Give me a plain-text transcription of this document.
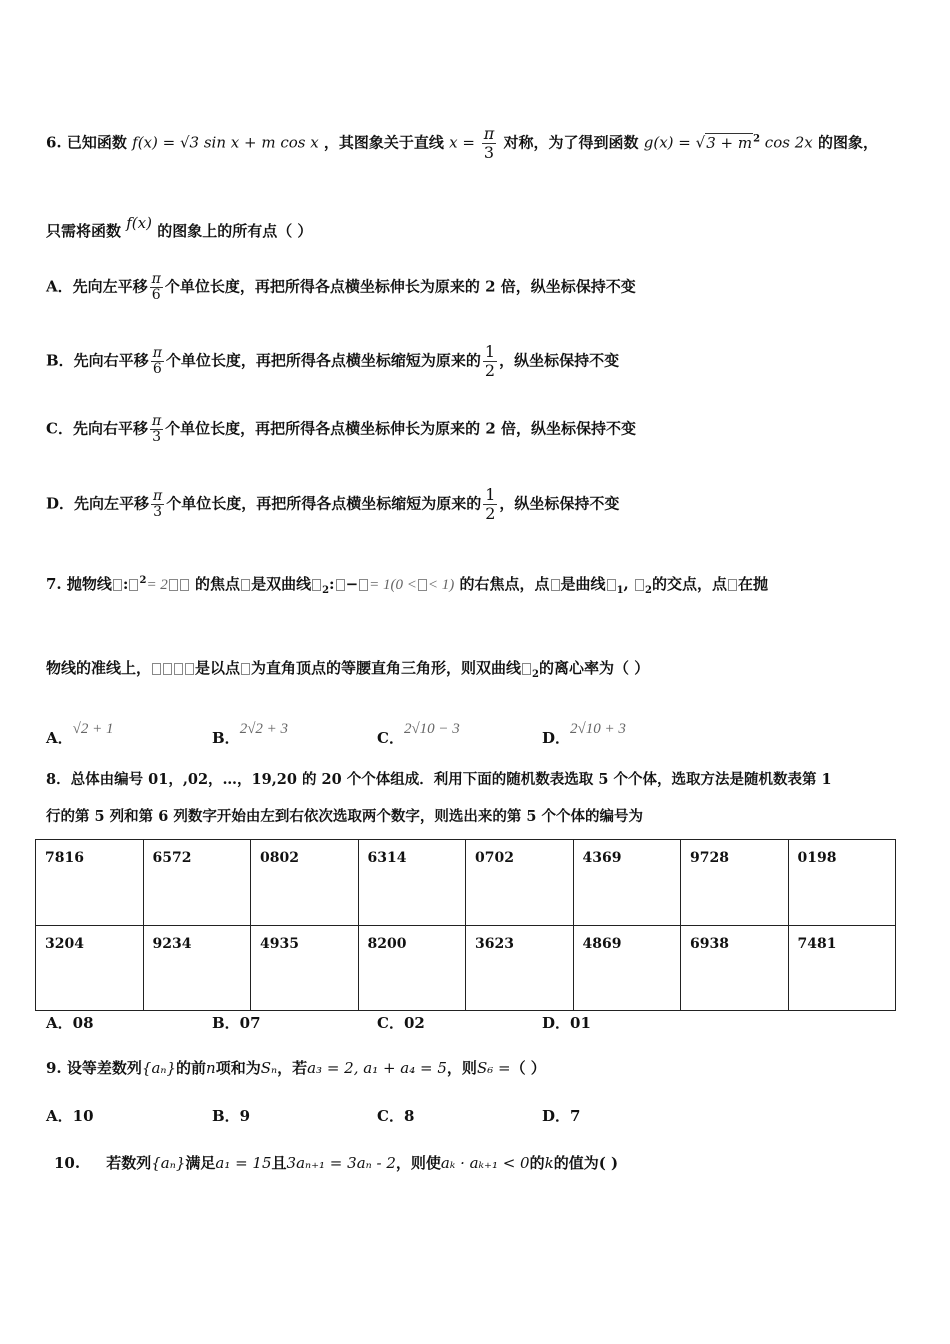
6. 已知函数 f(x) = √3 sin x + m cos x ，其图象关于直线 $x = \frac{\pi}{3}$ 对称，为了得到函数 $g(x) = √3 + m^2$ cos 2x 的图象，
只需将函数 f(x) 的图象上的所有点（ ）
A．先向左平移 $\frac{\pi}{6}$ 个单位长度，再把所得各点横坐标伸长为原来的 2 倍，纵坐标保持不变
B．先向右平移 $\frac{\pi}{6}$ 个单位长度，再把所得各点横坐标缩短为原来的 $\frac{1}{2}$ ，纵坐标保持不变
C．先向右平移 $\frac{\pi}{3}$ 个单位长度，再把所得各点横坐标伸长为原来的 2 倍，纵坐标保持不变
D．先向左平移 $\frac{\pi}{3}$ 个单位长度，再把所得各点横坐标缩短为原来的 $\frac{1}{2}$ ，纵坐标保持不变
7. 抛物线 : $^2$= 2 的焦点 是双曲线 $_2$: − = 1(0 < < 1) 的右焦点，点 是曲线 $_1$, $_2$的交点，点 在抛
物线的准线上，	是以点 为直角顶点的等腰直角三角形，则双曲线 $_2$的离心率为（ ）
A．√2 + 1	B．2√2 + 3	C．2√10 − 3	D．2√10 + 3
8．总体由编号 01，,02，…，19,20 的 20 个个体组成．利用下面的随机数表选取 5 个个体，选取方法是随机数表第 1
行的第 5 列和第 6 列数字开始由左到右依次选取两个数字，则选出来的第 5 个个体的编号为
7816	6572	0802	6314	0702	4369	9728	0198
3204	9234	4935	8200	3623	4869	6938	7481
A．08	B．07	C．02	D．01
9. 设等差数列{aₙ}的前n项和为Sₙ，若a₃ = 2, a₁ + a₄ = 5，则S₆ =（ ）
A．10	B．9	C．8	D．7
10. 若数列{aₙ}满足a₁ = 15且3aₙ₊₁ = 3aₙ - 2，则使aₖ · aₖ₊₁ < 0的k的值为( )
